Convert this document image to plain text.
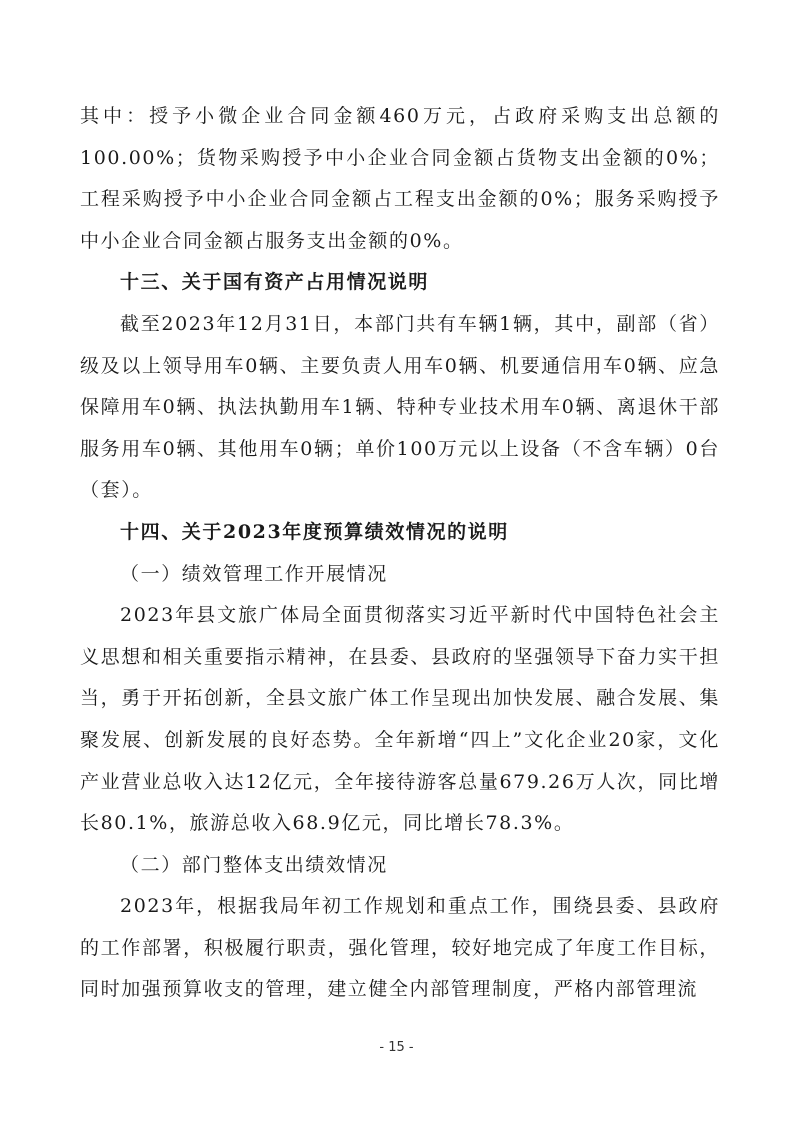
其中：授予小微企业合同金额460万元，占政府采购支出总额的100.00%；货物采购授予中小企业合同金额占货物支出金额的0%；工程采购授予中小企业合同金额占工程支出金额的0%；服务采购授予中小企业合同金额占服务支出金额的0%。

十三、关于国有资产占用情况说明

截至2023年12月31日，本部门共有车辆1辆，其中，副部（省）级及以上领导用车0辆、主要负责人用车0辆、机要通信用车0辆、应急保障用车0辆、执法执勤用车1辆、特种专业技术用车0辆、离退休干部服务用车0辆、其他用车0辆；单价100万元以上设备（不含车辆）0台（套）。

十四、关于2023年度预算绩效情况的说明

（一）绩效管理工作开展情况

2023年县文旅广体局全面贯彻落实习近平新时代中国特色社会主义思想和相关重要指示精神，在县委、县政府的坚强领导下奋力实干担当，勇于开拓创新，全县文旅广体工作呈现出加快发展、融合发展、集聚发展、创新发展的良好态势。全年新增“四上”文化企业20家，文化产业营业总收入达12亿元，全年接待游客总量679.26万人次，同比增长80.1%，旅游总收入68.9亿元，同比增长78.3%。

（二）部门整体支出绩效情况

2023年，根据我局年初工作规划和重点工作，围绕县委、县政府的工作部署，积极履行职责，强化管理，较好地完成了年度工作目标，同时加强预算收支的管理，建立健全内部管理制度，严格内部管理流

- 15 -
